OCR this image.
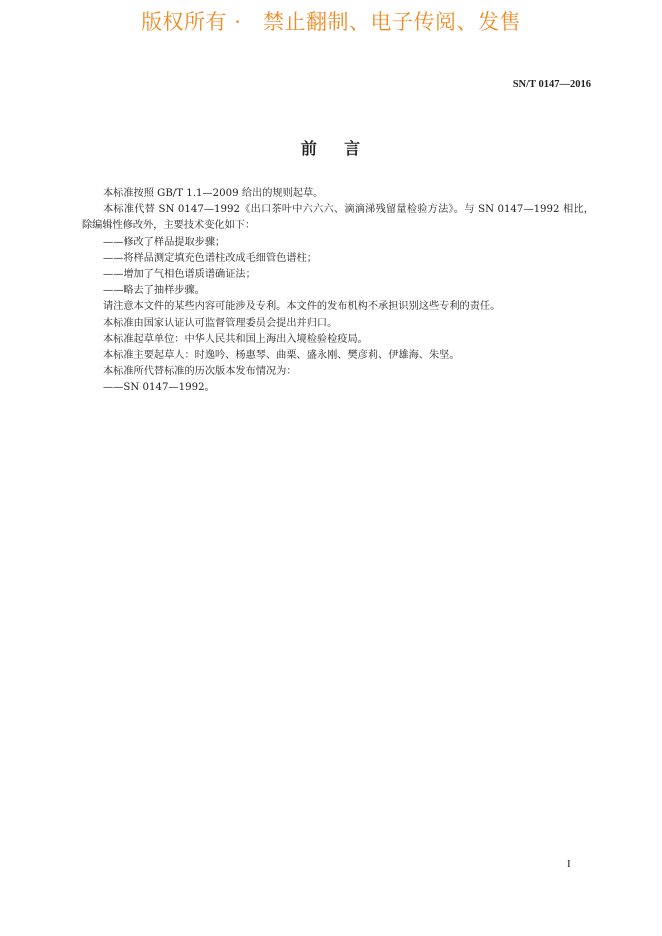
版权所有 ·   禁止翻制、电子传阅、发售
SN/T 0147—2016
前    言

本标准按照 GB/T 1.1—2009 给出的规则起草。

本标准代替 SN 0147—1992《出口茶叶中六六六、滴滴涕残留量检验方法》。与 SN 0147—1992 相比，除编辑性修改外，主要技术变化如下：

——修改了样品提取步骤；

——将样品测定填充色谱柱改成毛细管色谱柱；

——增加了气相色谱质谱确证法；

——略去了抽样步骤。

请注意本文件的某些内容可能涉及专利。本文件的发布机构不承担识别这些专利的责任。

本标准由国家认证认可监督管理委员会提出并归口。

本标准起草单位：中华人民共和国上海出入境检验检疫局。

本标准主要起草人：时逸吟、杨惠琴、曲栗、盛永刚、樊彦莉、伊雄海、朱坚。

本标准所代替标准的历次版本发布情况为：

——SN 0147—1992。

I
